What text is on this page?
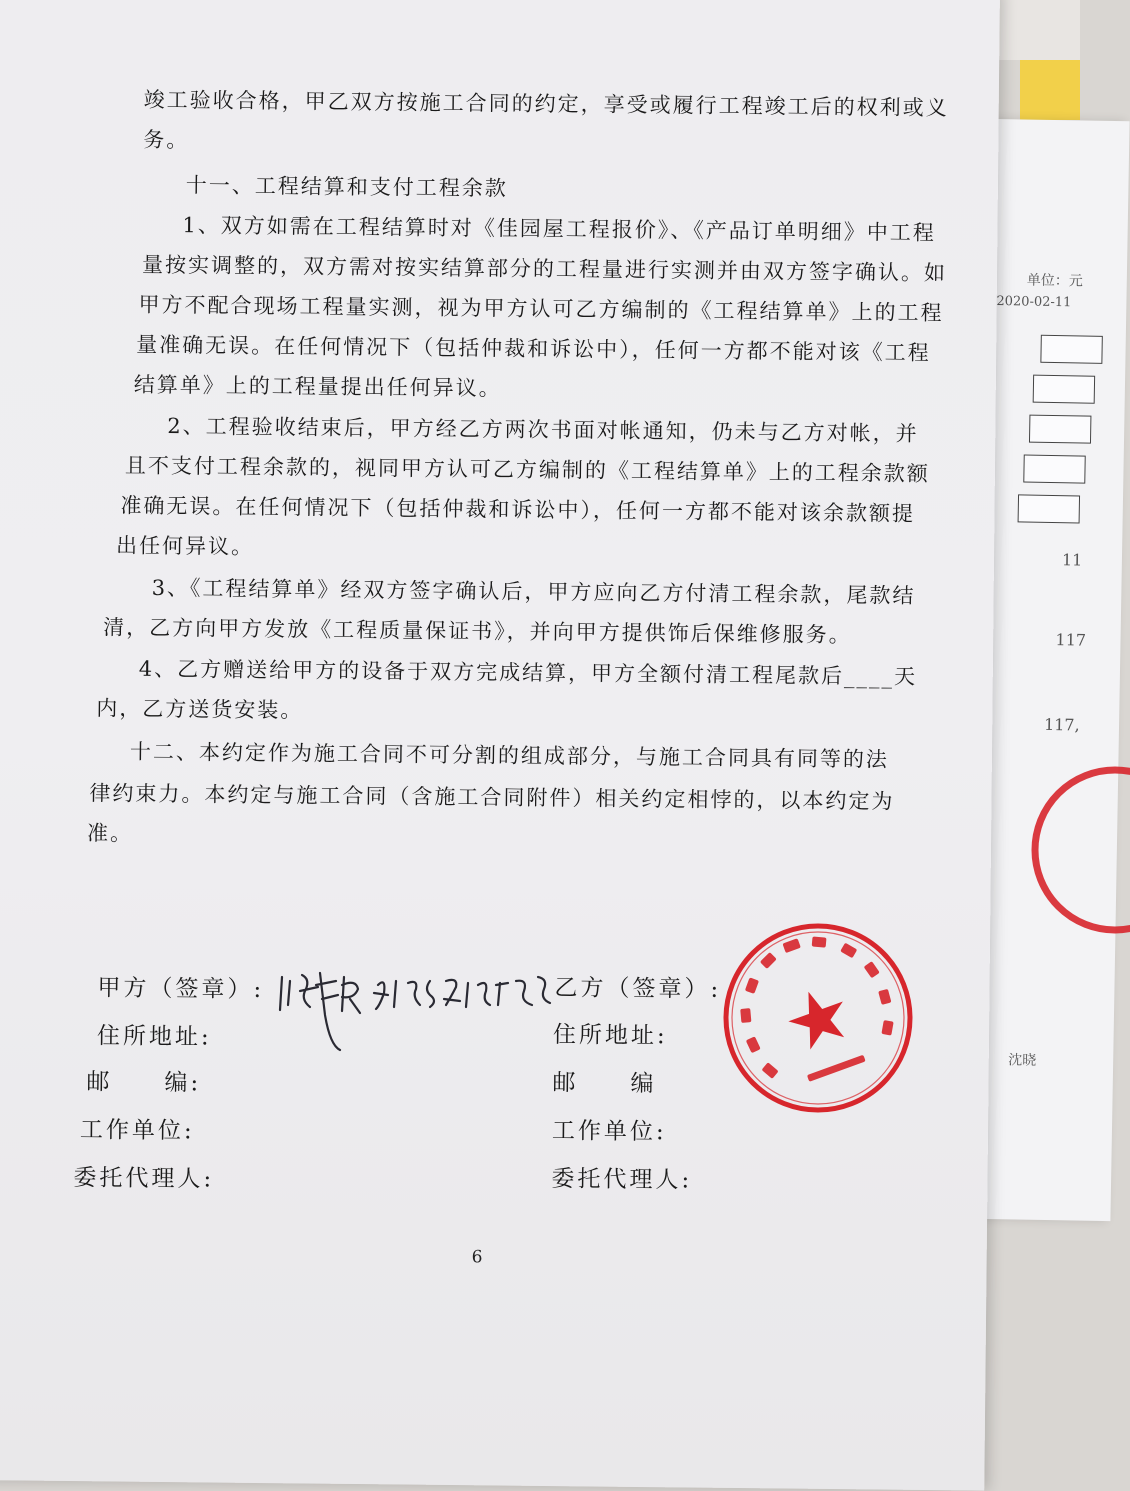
单位：元
2020-02-11
11
117
117,
沈晓
竣工验收合格，甲乙双方按施工合同的约定，享受或履行工程竣工后的权利或义
务。
十一、工程结算和支付工程余款
1、双方如需在工程结算时对《佳园屋工程报价》、《产品订单明细》中工程
量按实调整的，双方需对按实结算部分的工程量进行实测并由双方签字确认。如
甲方不配合现场工程量实测，视为甲方认可乙方编制的《工程结算单》上的工程
量准确无误。在任何情况下（包括仲裁和诉讼中），任何一方都不能对该《工程
结算单》上的工程量提出任何异议。
2、工程验收结束后，甲方经乙方两次书面对帐通知，仍未与乙方对帐，并
且不支付工程余款的，视同甲方认可乙方编制的《工程结算单》上的工程余款额
准确无误。在任何情况下（包括仲裁和诉讼中），任何一方都不能对该余款额提
出任何异议。
3、《工程结算单》经双方签字确认后，甲方应向乙方付清工程余款，尾款结
清，乙方向甲方发放《工程质量保证书》，并向甲方提供饰后保维修服务。
4、乙方赠送给甲方的设备于双方完成结算，甲方全额付清工程尾款后____天
内，乙方送货安装。
十二、本约定作为施工合同不可分割的组成部分，与施工合同具有同等的法
律约束力。本约定与施工合同（含施工合同附件）相关约定相悖的，以本约定为
准。
甲方（签章）:
住所地址:
邮　　编:
工作单位:
委托代理人:
乙方（签章）:
住所地址:
邮　　编
工作单位:
委托代理人:
6
